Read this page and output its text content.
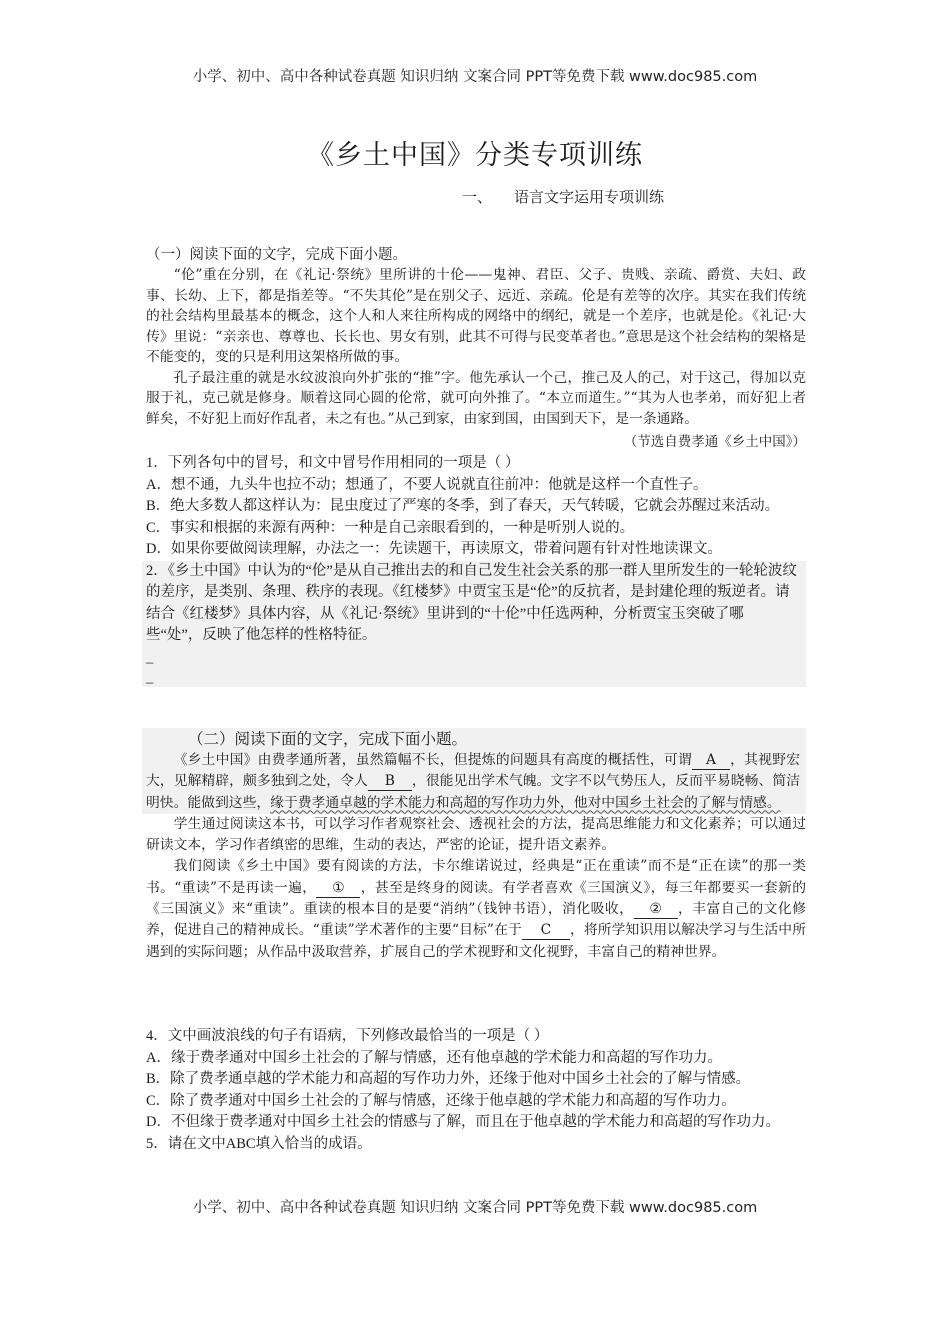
小学、初中、高中各种试卷真题 知识归纳 文案合同 PPT等免费下载 www.doc985.com
《乡土中国》分类专项训练
一、 语言文字运用专项训练
（一）阅读下面的文字，完成下面小题。

“伦”重在分别，在《礼记·祭统》里所讲的十伦——鬼神、君臣、父子、贵贱、亲疏、爵赏、夫妇、政事、长幼、上下，都是指差等。“不失其伦”是在别父子、远近、亲疏。伦是有差等的次序。其实在我们传统的社会结构里最基本的概念，这个人和人来往所构成的网络中的纲纪，就是一个差序，也就是伦。《礼记·大传》里说：“亲亲也、尊尊也、长长也、男女有别，此其不可得与民变革者也。”意思是这个社会结构的架格是不能变的，变的只是利用这架格所做的事。

孔子最注重的就是水纹波浪向外扩张的“推”字。他先承认一个己，推己及人的己，对于这己，得加以克服于礼，克己就是修身。顺着这同心圆的伦常，就可向外推了。“本立而道生。”“其为人也孝弟，而好犯上者鲜矣，不好犯上而好作乱者，未之有也。”从己到家，由家到国，由国到天下，是一条通路。

（节选自费孝通《乡土中国》）

1．下列各句中的冒号，和文中冒号作用相同的一项是（ ）

A．想不通，九头牛也拉不动；想通了，不要人说就直往前冲：他就是这样一个直性子。

B．绝大多数人都这样认为：昆虫度过了严寒的冬季，到了春天，天气转暖，它就会苏醒过来活动。

C．事实和根据的来源有两种：一种是自己亲眼看到的，一种是听别人说的。

D．如果你要做阅读理解，办法之一：先读题干，再读原文，带着问题有针对性地读课文。

2．《乡土中国》中认为的“伦”是从自己推出去的和自己发生社会关系的那一群人里所发生的一轮轮波纹的差序，是类别、条理、秩序的表现。《红楼梦》中贾宝玉是“伦”的反抗者，是封建伦理的叛逆者。请结合《红楼梦》具体内容，从《礼记·祭统》里讲到的“十伦”中任选两种，分析贾宝玉突破了哪些“处”，反映了他怎样的性格特征。

_
_
（二）阅读下面的文字，完成下面小题。

《乡土中国》由费孝通所著，虽然篇幅不长，但提炼的问题具有高度的概括性，可谓 A ，其视野宏大，见解精辟，颇多独到之处，令人 B ，很能见出学术气魄。文字不以气势压人，反而平易晓畅、简洁明快。能做到这些，缘于费孝通卓越的学术能力和高超的写作功力外，他对中国乡土社会的了解与情感。

学生通过阅读这本书，可以学习作者观察社会、透视社会的方法，提高思维能力和文化素养；可以通过研读文本，学习作者缜密的思维，生动的表达，严密的论证，提升语文素养。

我们阅读《乡土中国》要有阅读的方法，卡尔维诺说过，经典是“正在重读”而不是“正在读”的那一类书。“重读”不是再读一遍， ① ，甚至是终身的阅读。有学者喜欢《三国演义》，每三年都要买一套新的《三国演义》来“重读”。重读的根本目的是要“消纳”（钱钟书语），消化吸收， ② ，丰富自己的文化修养，促进自己的精神成长。“重读”学术著作的主要“目标”在于 C ，将所学知识用以解决学习与生活中所遇到的实际问题；从作品中汲取营养，扩展自己的学术视野和文化视野，丰富自己的精神世界。

4．文中画波浪线的句子有语病，下列修改最恰当的一项是（ ）

A．缘于费孝通对中国乡土社会的了解与情感，还有他卓越的学术能力和高超的写作功力。

B．除了费孝通卓越的学术能力和高超的写作功力外，还缘于他对中国乡土社会的了解与情感。

C．除了费孝通对中国乡土社会的了解与情感，还缘于他卓越的学术能力和高超的写作功力。

D．不但缘于费孝通对中国乡土社会的情感与了解，而且在于他卓越的学术能力和高超的写作功力。

5．请在文中ABC填入恰当的成语。

小学、初中、高中各种试卷真题 知识归纳 文案合同 PPT等免费下载 www.doc985.com
